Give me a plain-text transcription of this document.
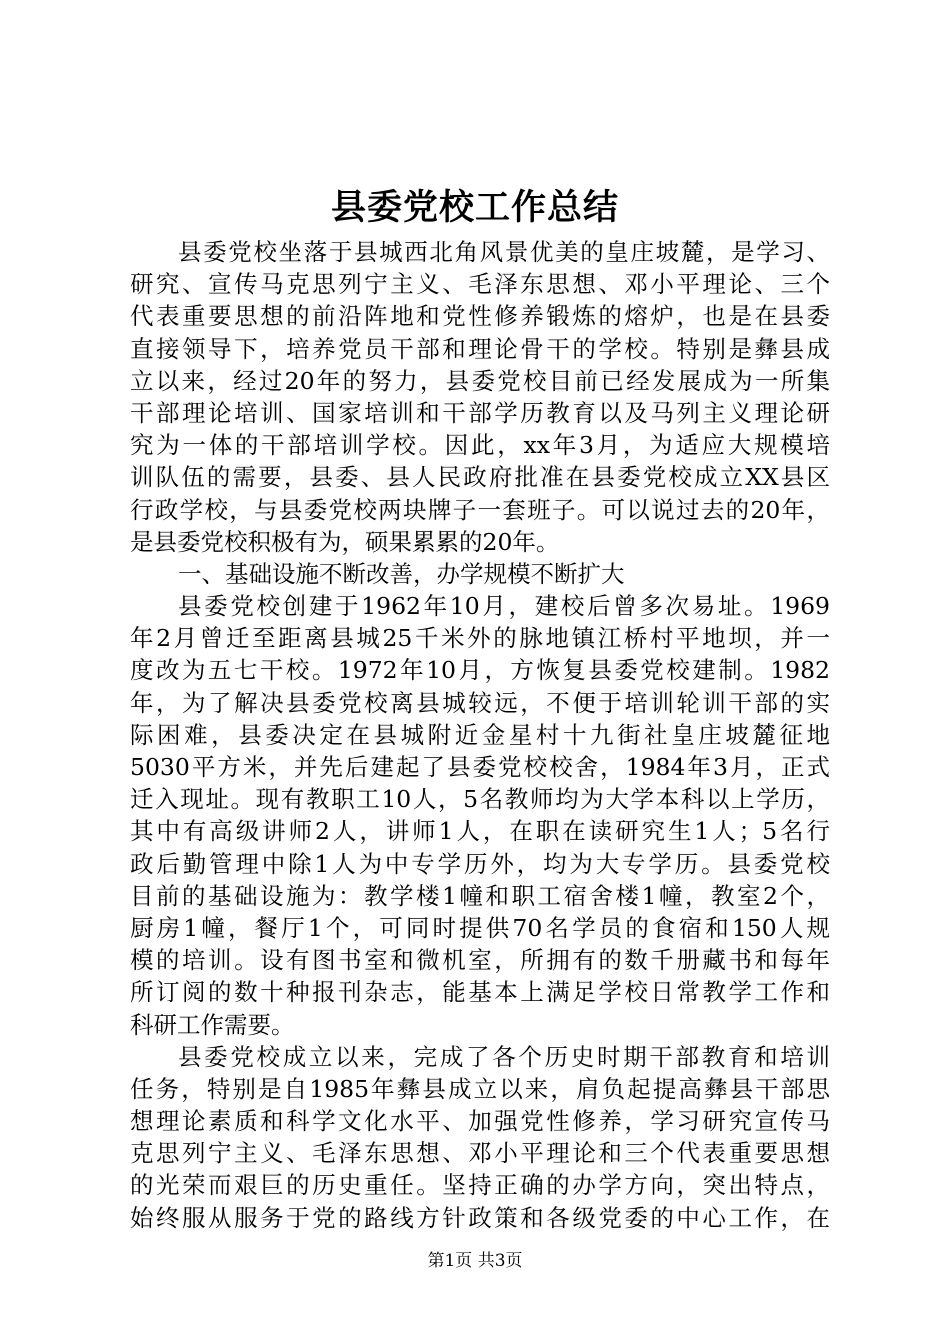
县委党校工作总结
县委党校坐落于县城西北角风景优美的皇庄坡麓，是学习、
研究、宣传马克思列宁主义、毛泽东思想、邓小平理论、三个
代表重要思想的前沿阵地和党性修养锻炼的熔炉，也是在县委
直接领导下，培养党员干部和理论骨干的学校。特别是彝县成
立以来，经过20年的努力，县委党校目前已经发展成为一所集
干部理论培训、国家培训和干部学历教育以及马列主义理论研
究为一体的干部培训学校。因此，xx年3月，为适应大规模培
训队伍的需要，县委、县人民政府批准在县委党校成立XX县区
行政学校，与县委党校两块牌子一套班子。可以说过去的20年，
是县委党校积极有为，硕果累累的20年。
一、基础设施不断改善，办学规模不断扩大
县委党校创建于1962年10月，建校后曾多次易址。1969
年2月曾迁至距离县城25千米外的脉地镇江桥村平地坝，并一
度改为五七干校。1972年10月，方恢复县委党校建制。1982
年，为了解决县委党校离县城较远，不便于培训轮训干部的实
际困难，县委决定在县城附近金星村十九街社皇庄坡麓征地
5030平方米，并先后建起了县委党校校舍，1984年3月，正式
迁入现址。现有教职工10人，5名教师均为大学本科以上学历，
其中有高级讲师2人，讲师1人，在职在读研究生1人；5名行
政后勤管理中除1人为中专学历外，均为大专学历。县委党校
目前的基础设施为：教学楼1幢和职工宿舍楼1幢，教室2个，
厨房1幢，餐厅1个，可同时提供70名学员的食宿和150人规
模的培训。设有图书室和微机室，所拥有的数千册藏书和每年
所订阅的数十种报刊杂志，能基本上满足学校日常教学工作和
科研工作需要。
县委党校成立以来，完成了各个历史时期干部教育和培训
任务，特别是自1985年彝县成立以来，肩负起提高彝县干部思
想理论素质和科学文化水平、加强党性修养，学习研究宣传马
克思列宁主义、毛泽东思想、邓小平理论和三个代表重要思想
的光荣而艰巨的历史重任。坚持正确的办学方向，突出特点，
始终服从服务于党的路线方针政策和各级党委的中心工作，在
第1页 共3页
